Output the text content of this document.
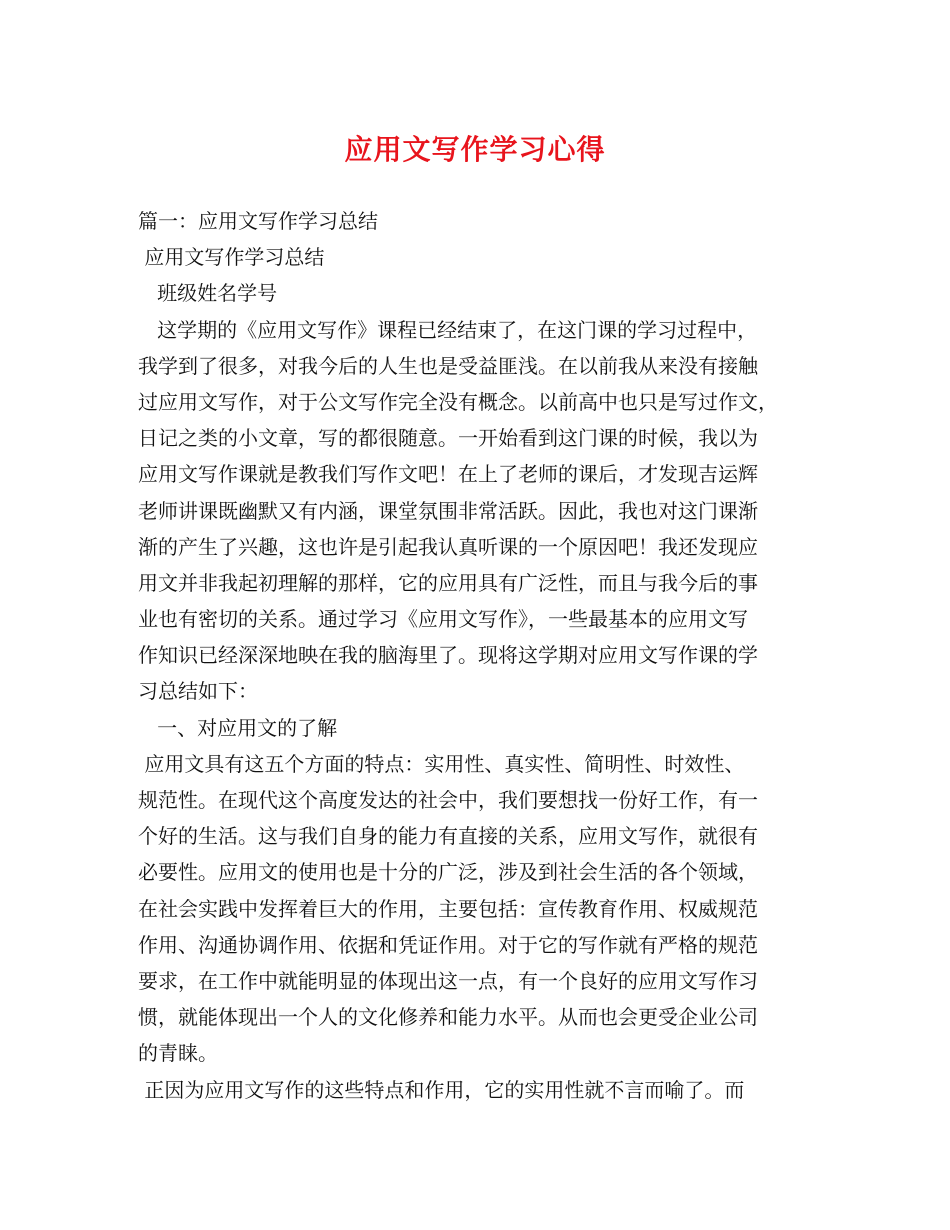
应用文写作学习心得
篇一：应用文写作学习总结
应用文写作学习总结
班级姓名学号
这学期的《应用文写作》课程已经结束了，在这门课的学习过程中，
我学到了很多，对我今后的人生也是受益匪浅。在以前我从来没有接触
过应用文写作，对于公文写作完全没有概念。以前高中也只是写过作文，
日记之类的小文章，写的都很随意。一开始看到这门课的时候，我以为
应用文写作课就是教我们写作文吧！在上了老师的课后，才发现吉运辉
老师讲课既幽默又有内涵，课堂氛围非常活跃。因此，我也对这门课渐
渐的产生了兴趣，这也许是引起我认真听课的一个原因吧！我还发现应
用文并非我起初理解的那样，它的应用具有广泛性，而且与我今后的事
业也有密切的关系。通过学习《应用文写作》，一些最基本的应用文写
作知识已经深深地映在我的脑海里了。现将这学期对应用文写作课的学
习总结如下：
一、对应用文的了解
应用文具有这五个方面的特点：实用性、真实性、简明性、时效性、
规范性。在现代这个高度发达的社会中，我们要想找一份好工作，有一
个好的生活。这与我们自身的能力有直接的关系，应用文写作，就很有
必要性。应用文的使用也是十分的广泛，涉及到社会生活的各个领域，
在社会实践中发挥着巨大的作用，主要包括：宣传教育作用、权威规范
作用、沟通协调作用、依据和凭证作用。对于它的写作就有严格的规范
要求，在工作中就能明显的体现出这一点，有一个良好的应用文写作习
惯，就能体现出一个人的文化修养和能力水平。从而也会更受企业公司
的青睐。
正因为应用文写作的这些特点和作用，它的实用性就不言而喻了。而
